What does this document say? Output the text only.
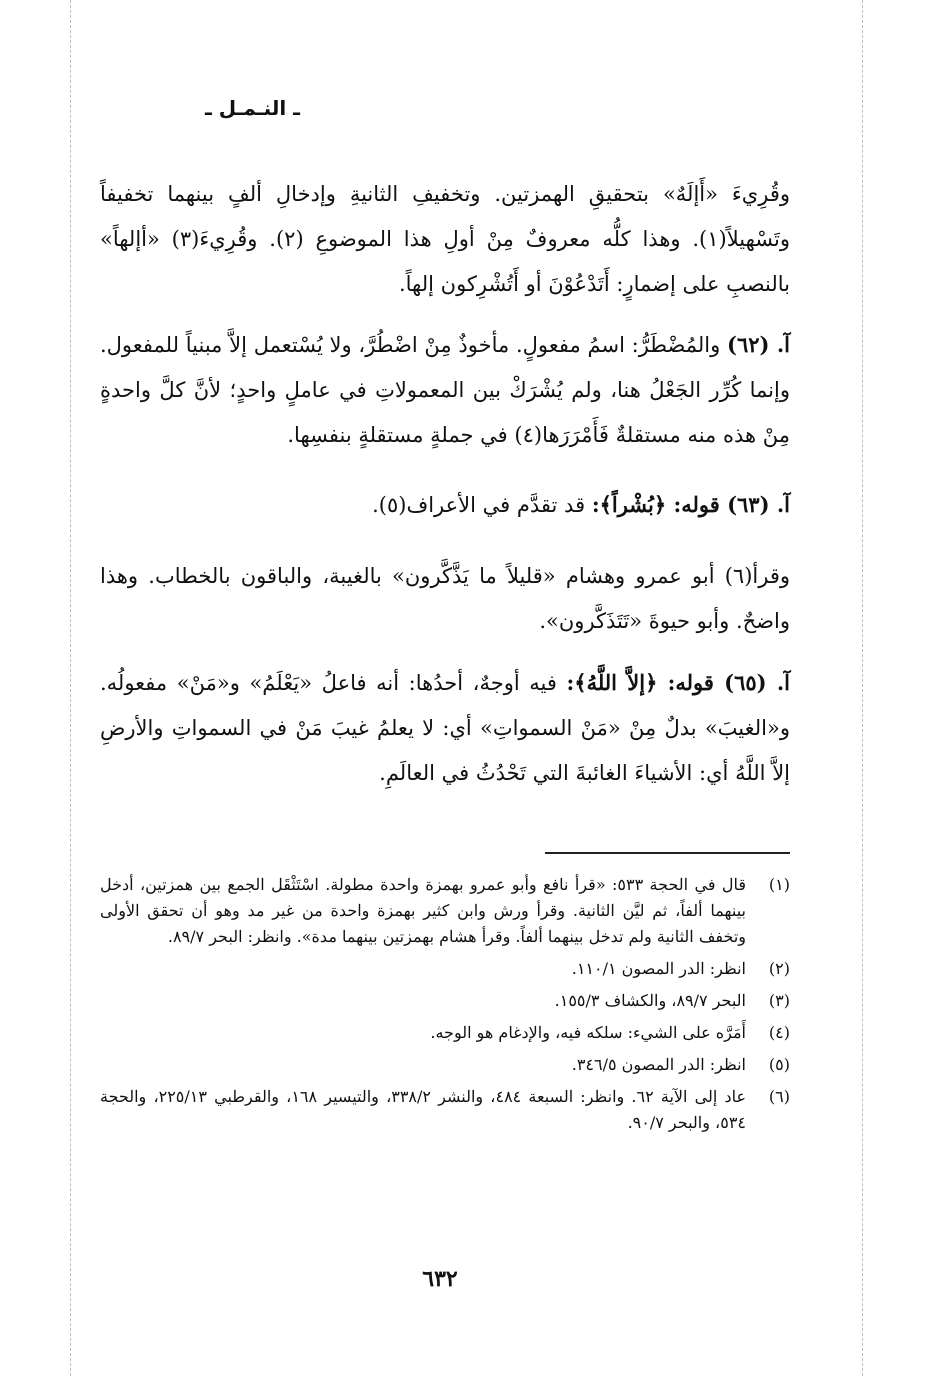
ـ النـمـل ـ
وقُرِيءَ «أَإلَهٌ» بتحقيقِ الهمزتين. وتخفيفِ الثانيةِ وإدخالِ ألفٍ بينهما تخفيفاً وتَسْهيلاً(١). وهذا كلُّه معروفٌ مِنْ أولِ هذا الموضوعِ (٢). وقُرِيءَ(٣) «أإلهاً» بالنصبِ على إضمارٍ: أَتَدْعُوْنَ أو أَتُشْرِكون إلهاً.
آ. (٦٢) والمُضْطَرُّ: اسمُ مفعولٍ. مأخوذٌ مِنْ اضْطُرَّ، ولا يُسْتعمل إلاَّ مبنياً للمفعول. وإنما كُرِّر الجَعْلُ هنا، ولم يُشْرَكْ بين المعمولاتِ في عاملٍ واحدٍ؛ لأنَّ كلَّ واحدةٍ مِنْ هذه منه مستقلةٌ فَأَمْرَرَها(٤) في جملةٍ مستقلةٍ بنفسِها.
آ. (٦٣) قوله: ﴿بُشْراً﴾: قد تقدَّم في الأعراف(٥).
وقرأ(٦) أبو عمرو وهشام «قليلاً ما يَذَّكَّرون» بالغيبة، والباقون بالخطاب. وهذا واضحٌ. وأبو حيوةَ «تَتَذَكَّرون».
آ. (٦٥) قوله: ﴿إلاَّ اللَّهُ﴾: فيه أوجهٌ، أحدُها: أنه فاعلُ «يَعْلَمُ» و«مَنْ» مفعولُه. و«الغيبَ» بدلٌ مِنْ «مَنْ السمواتِ» أي: لا يعلمُ غيبَ مَنْ في السمواتِ والأرضِ إلاَّ اللَّهُ أي: الأشياءَ الغائبةَ التي تَحْدُثُ في العالَمِ.
(١)
قال في الحجة ٥٣٣: «قرأ نافع وأبو عمرو بهمزة واحدة مطولة. اسْتَثْقَل الجمع بين همزتين، أدخل بينهما ألفاً، ثم ليَّن الثانية. وقرأ ورش وابن كثير بهمزة واحدة من غير مد وهو أن تحقق الأولى وتخفف الثانية ولم تدخل بينهما ألفاً. وقرأ هشام بهمزتين بينهما مدة». وانظر: البحر ٨٩/٧.
(٢)
انظر: الدر المصون ١١٠/١.
(٣)
البحر ٨٩/٧، والكشاف ١٥٥/٣.
(٤)
أَمَرَّه على الشيء: سلكه فيه، والإدغام هو الوجه.
(٥)
انظر: الدر المصون ٣٤٦/٥.
(٦)
عاد إلى الآية ٦٢. وانظر: السبعة ٤٨٤، والنشر ٣٣٨/٢، والتيسير ١٦٨، والقرطبي ٢٢٥/١٣، والحجة ٥٣٤، والبحر ٩٠/٧.
٦٣٢
